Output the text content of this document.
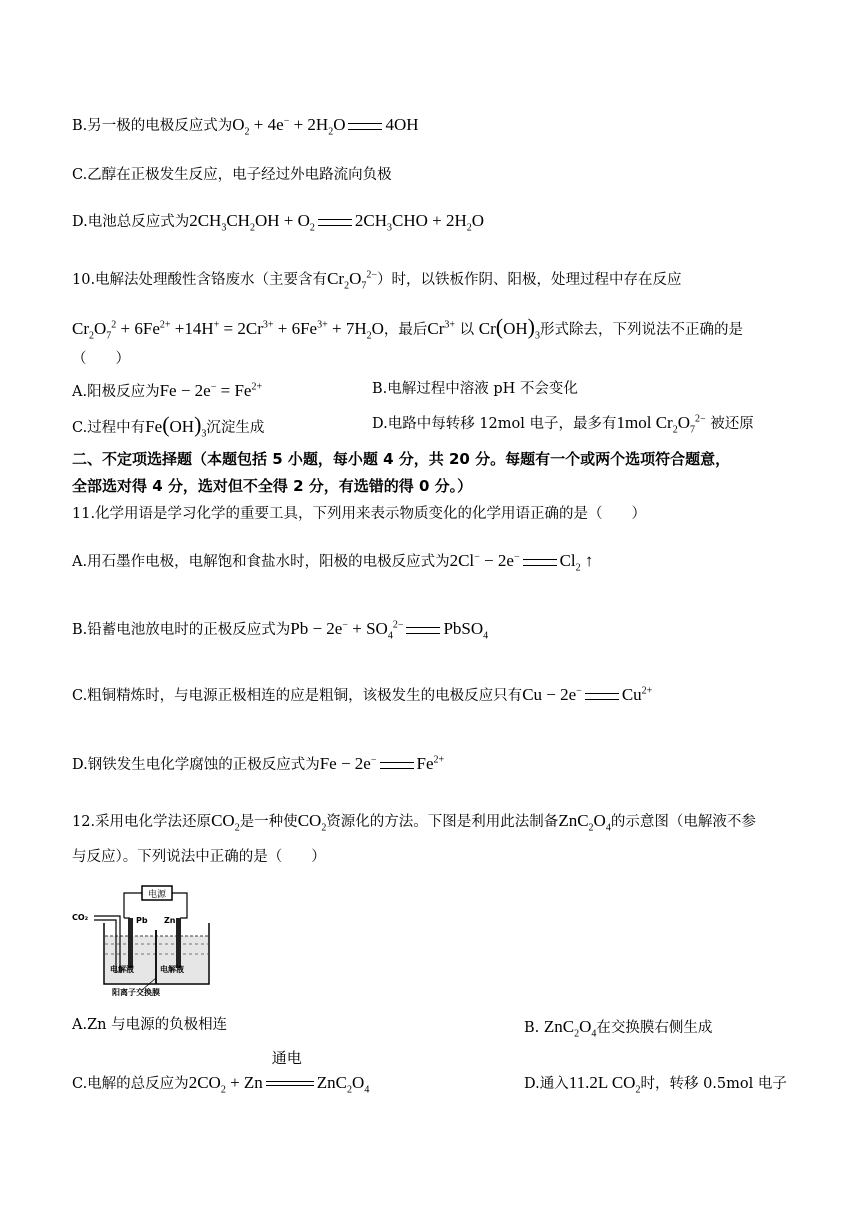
B.另一极的电极反应式为$O_2 + 4e^- + 2H_2O$ 4OH
C.乙醇在正极发生反应，电子经过外电路流向负极
D.电池总反应式为$2CH_3CH_2OH + O_2$ $2CH_3CHO + 2H_2O$
10.电解法处理酸性含铬废水（主要含有$Cr_2O_7^{2-}$）时，以铁板作阴、阳极，处理过程中存在反应
$Cr_2O_7^2 + 6Fe^{2+} +14H^+ = 2Cr^{3+} + 6Fe^{3+} + 7H_2O$，最后$Cr^{3+}$ 以 $Cr(OH)_3$形式除去，下列说法不正确的是
（　　）
A.阳极反应为$Fe - 2e^- = Fe^{2+}$	B.电解过程中溶液 pH 不会变化
C.过程中有$Fe(OH)_3$沉淀生成	D.电路中每转移 12mol 电子，最多有1mol $Cr_2O_7^{2-}$ 被还原
二、不定项选择题（本题包括 5 小题，每小题 4 分，共 20 分。每题有一个或两个选项符合题意，
全部选对得 4 分，选对但不全得 2 分，有选错的得 0 分。）
11.化学用语是学习化学的重要工具，下列用来表示物质变化的化学用语正确的是（　　）
A.用石墨作电极，电解饱和食盐水时，阳极的电极反应式为2Cl− − 2e− $Cl_2$ ↑
B.铅蓄电池放电时的正极反应式为$Pb - 2e^- + SO_4^{2-}$ PbSO$_4$
C.粗铜精炼时，与电源正极相连的应是粗铜，该极发生的电极反应只有Cu − 2e− $Cu^{2+}$
D.钢铁发生电化学腐蚀的正极反应式为Fe − 2e− $Fe^{2+}$
12.采用电化学法还原$CO_2$是一种使$CO_2$资源化的方法。下图是利用此法制备$ZnC_2O_4$的示意图（电解液不参
与反应）。下列说法中正确的是（　　）
电源
Pb Zn
CO₂
电解液	电解液
阳离子交换膜
A.Zn 与电源的负极相连	B. $ZnC_2O_4$在交换膜右侧生成
C.电解的总反应为$2CO_2 + Zn$
通电
$ZnC_2O_4$	D.通入11.2L $CO_2$时，转移 0.5mol 电子
